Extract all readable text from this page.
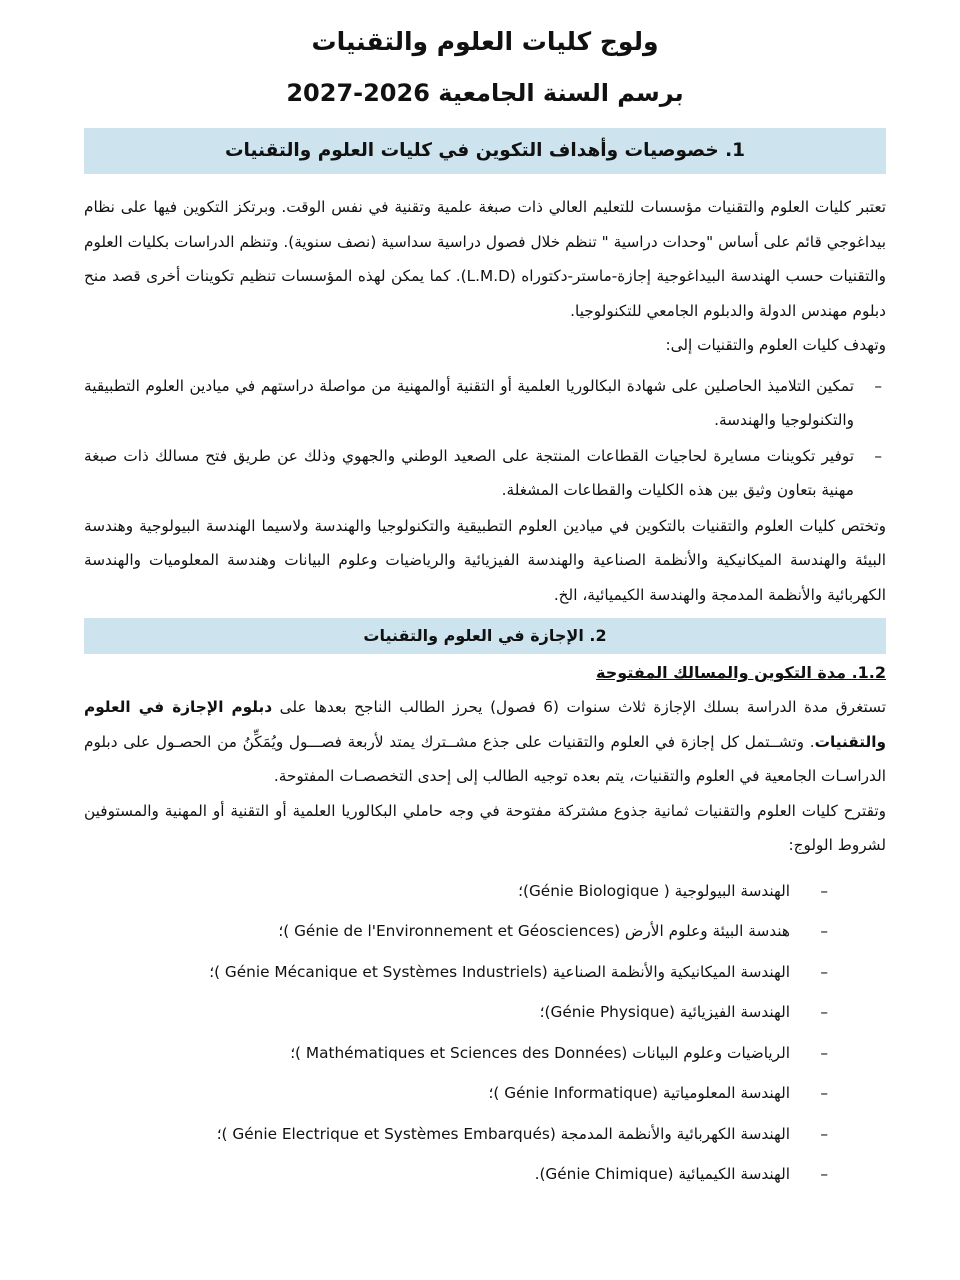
ولوج كليات العلوم والتقنيات
برسم السنة الجامعية 2026-2027
1. خصوصيات وأهداف التكوين في كليات العلوم والتقنيات

تعتبر كليات العلوم والتقنيات مؤسسات للتعليم العالي ذات صبغة علمية وتقنية في نفس الوقت. وبرتكز التكوين فيها على نظام بيداغوجي قائم على أساس "وحدات دراسية " تنظم خلال فصول دراسية سداسية (نصف سنوية). وتنظم الدراسات بكليات العلوم والتقنيات حسب الهندسة البيداغوجية إجازة-ماستر-دكتوراه (L.M.D). كما يمكن لهذه المؤسسات تنظيم تكوينات أخرى قصد منح دبلوم مهندس الدولة والدبلوم الجامعي للتكنولوجيا.

وتهدف كليات العلوم والتقنيات إلى:

–
تمكين التلاميذ الحاصلين على شهادة البكالوريا العلمية أو التقنية أوالمهنية من مواصلة دراستهم في ميادين العلوم التطبيقية والتكنولوجيا والهندسة.
–
توفير تكوينات مسايرة لحاجيات القطاعات المنتجة على الصعيد الوطني والجهوي وذلك عن طريق فتح مسالك ذات صبغة مهنية بتعاون وثيق بين هذه الكليات والقطاعات المشغلة.

وتختص كليات العلوم والتقنيات بالتكوين في ميادين العلوم التطبيقية والتكنولوجيا والهندسة ولاسيما الهندسة البيولوجية وهندسة البيئة والهندسة الميكانيكية والأنظمة الصناعية والهندسة الفيزيائية والرياضيات وعلوم البيانات وهندسة المعلوميات والهندسة الكهربائية والأنظمة المدمجة والهندسة الكيميائية، الخ.

2. الإجازة في العلوم والتقنيات
1.2. مدة التكوين والمسالك المفتوحة

تستغرق مدة الدراسة بسلك الإجازة ثلاث سنوات (6 فصول) يحرز الطالب الناجح بعدها على دبلوم الإجازة في العلوم والتقنيات. وتشــتمل كل إجازة في العلوم والتقنيات على جذع مشــترك يمتد لأربعة فصـــول ويُمَكِّنُ من الحصـول على دبلوم الدراسـات الجامعية في العلوم والتقنيات، يتم بعده توجيه الطالب إلى إحدى التخصصـات المفتوحة.

وتقترح كليات العلوم والتقنيات ثمانية جذوع مشتركة مفتوحة في وجه حاملي البكالوريا العلمية أو التقنية أو المهنية والمستوفين لشروط الولوج:

–
الهندسة البيولوجية ( Génie Biologique)؛
–
هندسة البيئة وعلوم الأرض (Génie de l'Environnement et Géosciences )؛
–
الهندسة الميكانيكية والأنظمة الصناعية (Génie Mécanique et Systèmes Industriels )؛
–
الهندسة الفيزيائية (Génie Physique)؛
–
الرياضيات وعلوم البيانات (Mathématiques et Sciences des Données )؛
–
الهندسة المعلومياتية (Génie Informatique )؛
–
الهندسة الكهربائية والأنظمة المدمجة (Génie Electrique et Systèmes Embarqués )؛
–
الهندسة الكيميائية (Génie Chimique).
